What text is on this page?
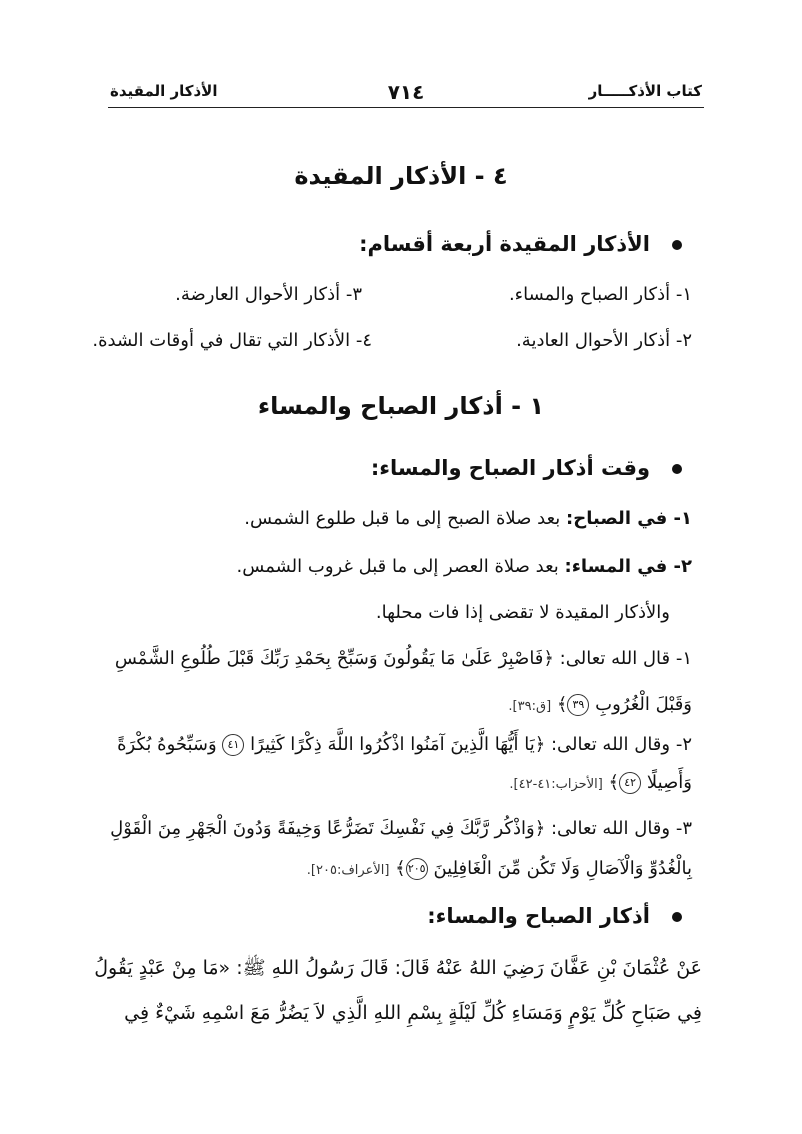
كتاب الأذكـــــار
٧١٤
الأذكار المقيدة
٤ - الأذكار المقيدة
الأذكار المقيدة أربعة أقسام:
١- أذكار الصباح والمساء.
٣- أذكار الأحوال العارضة.
٢- أذكار الأحوال العادية.
٤- الأذكار التي تقال في أوقات الشدة.
١ - أذكار الصباح والمساء
وقت أذكار الصباح والمساء:
١- في الصباح: بعد صلاة الصبح إلى ما قبل طلوع الشمس.
٢- في المساء: بعد صلاة العصر إلى ما قبل غروب الشمس.
والأذكار المقيدة لا تقضى إذا فات محلها.
١- قال الله تعالى: ﴿فَاصْبِرْ عَلَىٰ مَا يَقُولُونَ وَسَبِّحْ بِحَمْدِ رَبِّكَ قَبْلَ طُلُوعِ الشَّمْسِ
وَقَبْلَ الْغُرُوبِ ٣٩﴾ [ق:٣٩].
٢- وقال الله تعالى: ﴿يَا أَيُّهَا الَّذِينَ آمَنُوا اذْكُرُوا اللَّهَ ذِكْرًا كَثِيرًا ٤١ وَسَبِّحُوهُ بُكْرَةً
وَأَصِيلًا ٤٢﴾ [الأحزاب:٤١-٤٢].
٣- وقال الله تعالى: ﴿وَاذْكُر رَّبَّكَ فِي نَفْسِكَ تَضَرُّعًا وَخِيفَةً وَدُونَ الْجَهْرِ مِنَ الْقَوْلِ
بِالْغُدُوِّ وَالْآصَالِ وَلَا تَكُن مِّنَ الْغَافِلِينَ ٢٠٥﴾ [الأعراف:٢٠٥].
أذكار الصباح والمساء:
عَنْ عُثْمَانَ بْنِ عَفَّانَ رَضِيَ اللهُ عَنْهُ قَالَ: قَالَ رَسُولُ اللهِ ﷺ: «مَا مِنْ عَبْدٍ يَقُولُ
فِي صَبَاحِ كُلِّ يَوْمٍ وَمَسَاءِ كُلِّ لَيْلَةٍ بِسْمِ اللهِ الَّذِي لاَ يَضُرُّ مَعَ اسْمِهِ شَيْءٌ فِي
